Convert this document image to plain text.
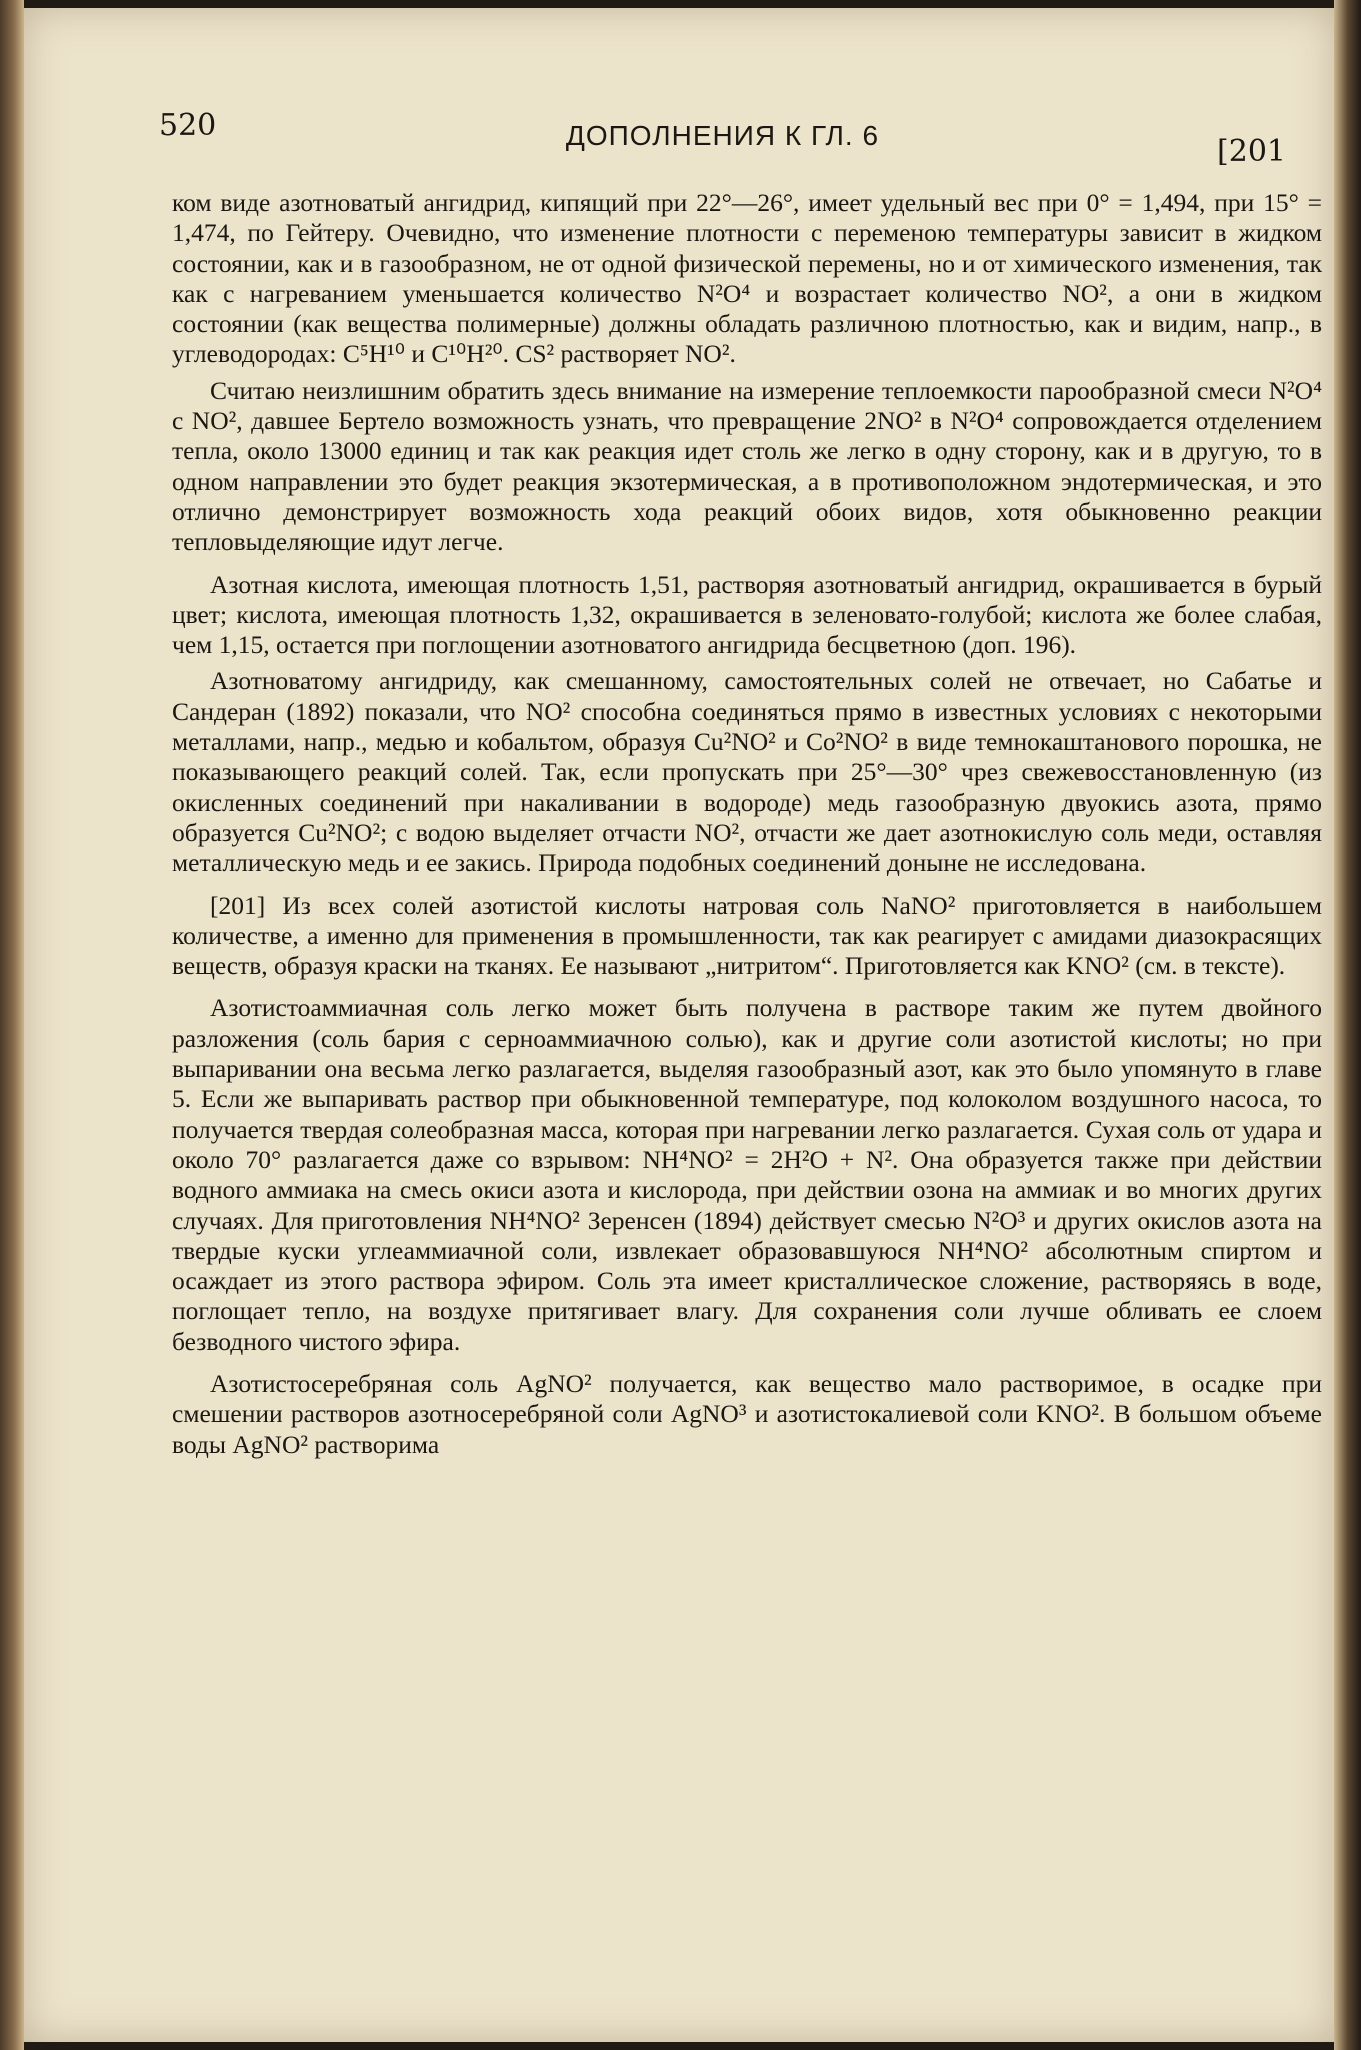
520	ДОПОЛНЕНИЯ К ГЛ. 6	[201

ком виде азотноватый ангидрид, кипящий при 22°—26°, имеет удельный вес при 0° = 1,494, при 15° = 1,474, по Гейтеру. Очевидно, что изменение плотности с переменою температуры зависит в жидком состоянии, как и в газообразном, не от одной физической перемены, но и от химического изменения, так как с нагреванием уменьшается количество N²O⁴ и возрастает количество NO², а они в жидком состоянии (как вещества полимерные) должны обладать различною плотностью, как и видим, напр., в углеводородах: C⁵H¹⁰ и C¹⁰H²⁰. CS² растворяет NO².

Считаю неизлишним обратить здесь внимание на измерение теплоемкости парообразной смеси N²O⁴ с NO², давшее Бертело возможность узнать, что превращение 2NO² в N²O⁴ сопровождается отделением тепла, около 13000 единиц и так как реакция идет столь же легко в одну сторону, как и в другую, то в одном направлении это будет реакция экзотермическая, а в противоположном эндотермическая, и это отлично демонстрирует возможность хода реакций обоих видов, хотя обыкновенно реакции тепловыделяющие идут легче.

Азотная кислота, имеющая плотность 1,51, растворяя азотноватый ангидрид, окрашивается в бурый цвет; кислота, имеющая плотность 1,32, окрашивается в зеленовато-голубой; кислота же более слабая, чем 1,15, остается при поглощении азотноватого ангидрида бесцветною (доп. 196).

Азотноватому ангидриду, как смешанному, самостоятельных солей не отвечает, но Сабатье и Сандеран (1892) показали, что NO² способна соединяться прямо в известных условиях с некоторыми металлами, напр., медью и кобальтом, образуя Cu²NO² и Co²NO² в виде темнокаштанового порошка, не показывающего реакций солей. Так, если пропускать при 25°—30° чрез свежевосстановленную (из окисленных соединений при накаливании в водороде) медь газообразную двуокись азота, прямо образуется Cu²NO²; с водою выделяет отчасти NO², отчасти же дает азотнокислую соль меди, оставляя металлическую медь и ее закись. Природа подобных соединений доныне не исследована.

[201] Из всех солей азотистой кислоты натровая соль NaNO² приготовляется в наибольшем количестве, а именно для применения в промышленности, так как реагирует с амидами диазокрасящих веществ, образуя краски на тканях. Ее называют „нитритом“. Приготовляется как KNO² (см. в тексте).

Азотистоаммиачная соль легко может быть получена в растворе таким же путем двойного разложения (соль бария с серноаммиачною солью), как и другие соли азотистой кислоты; но при выпаривании она весьма легко разлагается, выделяя газообразный азот, как это было упомянуто в главе 5. Если же выпаривать раствор при обыкновенной температуре, под колоколом воздушного насоса, то получается твердая солеобразная масса, которая при нагревании легко разлагается. Сухая соль от удара и около 70° разлагается даже со взрывом: NH⁴NO² = 2H²O + N². Она образуется также при действии водного аммиака на смесь окиси азота и кислорода, при действии озона на аммиак и во многих других случаях. Для приготовления NH⁴NO² Зеренсен (1894) действует смесью N²O³ и других окислов азота на твердые куски углеаммиачной соли, извлекает образовавшуюся NH⁴NO² абсолютным спиртом и осаждает из этого раствора эфиром. Соль эта имеет кристаллическое сложение, растворяясь в воде, поглощает тепло, на воздухе притягивает влагу. Для сохранения соли лучше обливать ее слоем безводного чистого эфира.

Азотистосеребряная соль AgNO² получается, как вещество мало растворимое, в осадке при смешении растворов азотносеребряной соли AgNO³ и азотистокалиевой соли KNO². В большом объеме воды AgNO² растворима
